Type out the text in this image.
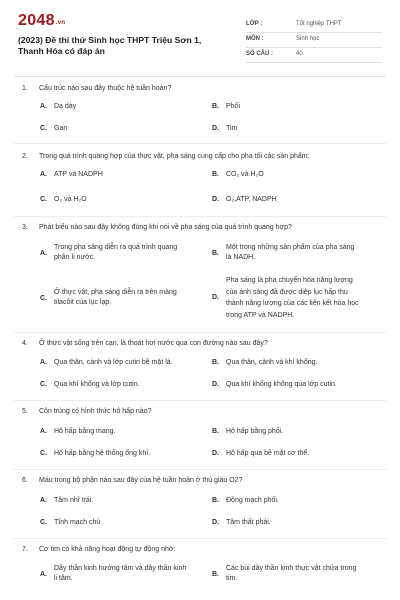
2048.vn
(2023) Đề thi thử Sinh học THPT Triệu Sơn 1, Thanh Hóa có đáp án
LỚP :	Tốt nghiệp THPT
MÔN :	Sinh học
SỐ CÂU :	40
1. Cấu trúc nào sau đây thuộc hệ tuần hoàn?
A. Dạ dày	B. Phổi
C. Gan	D. Tim
2. Trong quá trình quang hợp của thực vật, pha sáng cung cấp cho pha tối các sản phẩm:
A. ATP và NADPH	B. CO₂ và H₂O
C. O₂ và H₂O	D. O₂,ATP, NADPH
3. Phát biểu nào sau đây không đúng khi nói về pha sáng của quá trình quang hợp?
A.
Trong pha sáng diễn ra quá trình quang
phân li nước.
B.
Một trong những sản phẩm của pha sáng
là NADH.
C.
Ở thực vật, pha sáng diễn ra trên màng
tilacôit của lục lạp.
D.
Pha sáng là pha chuyển hóa năng lượng
của ánh sáng đã được diệp lục hấp thu
thành năng lượng của các liên kết hóa học
trong ATP và NADPH.
4. Ở thực vật sống trên cạn, là thoát hơi nước qua con đường nào sau đây?
A. Qua thân, cành và lớp cutin bề mặt lá.	B. Qua thân, cành và khí khổng.
C. Qua khí khổng và lớp cutin.	D. Qua khí khổng không qua lớp cutin.
5. Côn trùng có hình thức hô hấp nào?
A. Hô hấp bằng mang.	B. Hô hấp bằng phổi.
C. Hô hấp bằng hệ thống ống khí.	D. Hô hấp qua bề mặt cơ thể.
6. Máu trong bộ phận nào sau đây của hệ tuần hoàn ở thú giàu O2?
A. Tâm nhĩ trái.	B. Động mạch phổi.
C. Tĩnh mạch chủ	D. Tâm thất phải.
7. Cơ tim có khả năng hoạt động tự động nhờ:
A.
Dây thần kinh hướng tâm và dây thần kinh
li tâm.
B.
Các bùi dây thần kinh thực vật chứa trong
tim.
